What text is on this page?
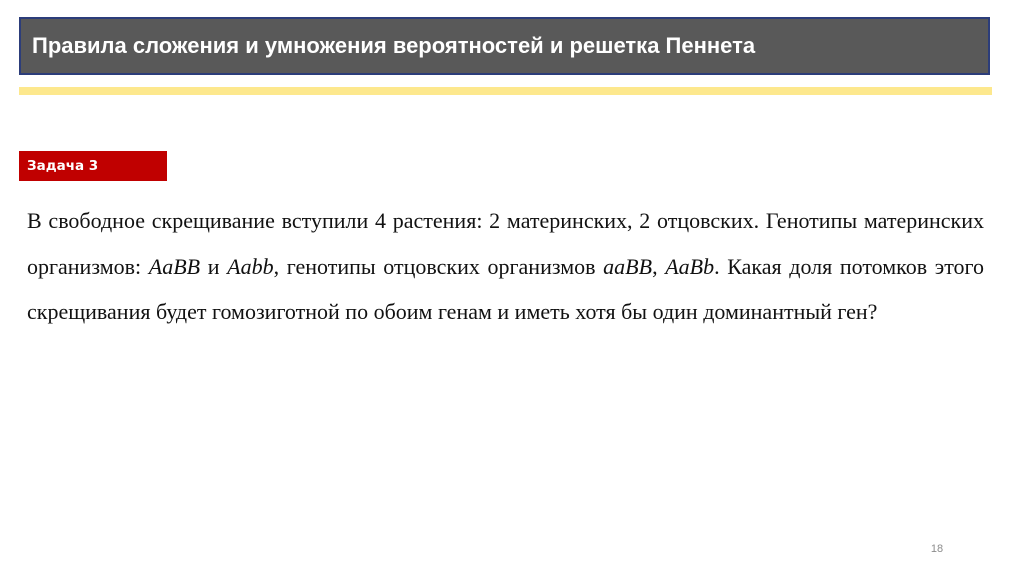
Правила сложения и умножения вероятностей и решетка Пеннета
Задача 3

В свободное скрещивание вступили 4 растения: 2 материнских, 2 отцовских. Генотипы материнских организмов: AaBB и Aabb, генотипы отцовских организмов aaBB, AaBb. Какая доля потомков этого скрещивания будет гомозиготной по обоим генам и иметь хотя бы один доминантный ген?

18
